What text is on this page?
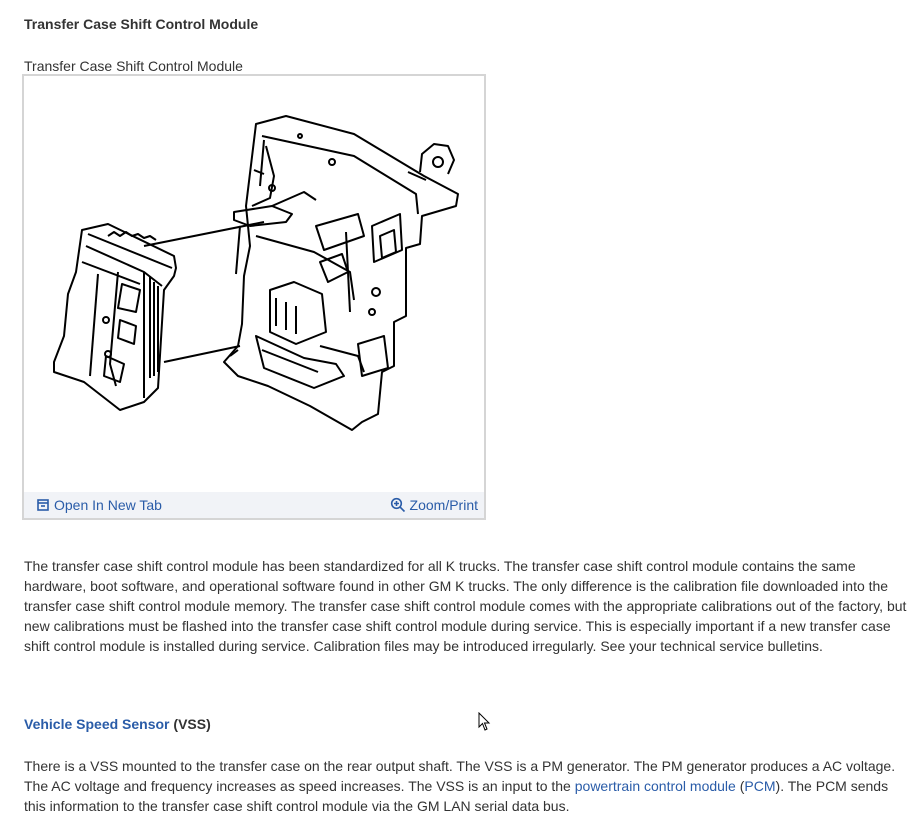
Transfer Case Shift Control Module
Transfer Case Shift Control Module
Open In New Tab	Zoom/Print
The transfer case shift control module has been standardized for all K trucks. The transfer case shift control module contains the same hardware, boot software, and operational software found in other GM K trucks. The only difference is the calibration file downloaded into the transfer case shift control module memory. The transfer case shift control module comes with the appropriate calibrations out of the factory, but new calibrations must be flashed into the transfer case shift control module during service. This is especially important if a new transfer case shift control module is installed during service. Calibration files may be introduced irregularly. See your technical service bulletins.
Vehicle Speed Sensor (VSS)
There is a VSS mounted to the transfer case on the rear output shaft. The VSS is a PM generator. The PM generator produces a AC voltage. The AC voltage and frequency increases as speed increases. The VSS is an input to the powertrain control module (PCM). The PCM sends this information to the transfer case shift control module via the GM LAN serial data bus.
